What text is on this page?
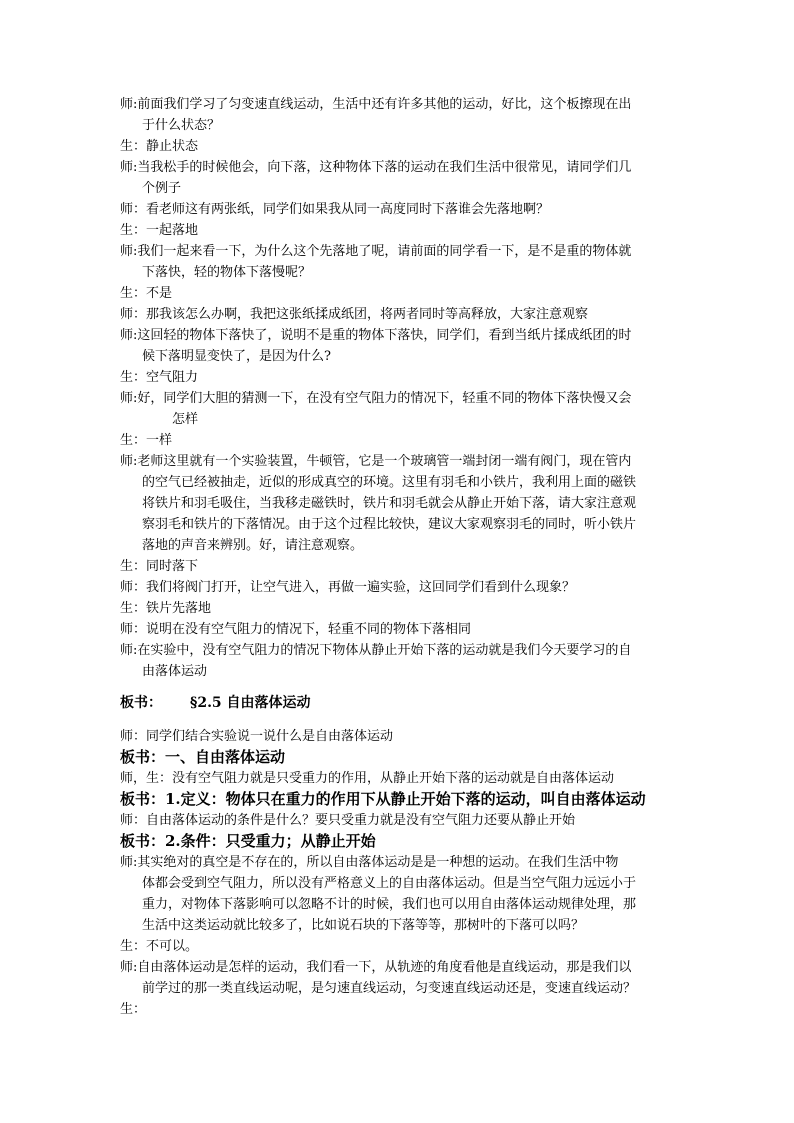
师: 前面我们学习了匀变速直线运动，生活中还有许多其他的运动，好比，这个板擦现在出
于什么状态？
生： 静止状态
师: 当我松手的时候他会，向下落，这种物体下落的运动在我们生活中很常见，请同学们几
个例子
师： 看老师这有两张纸，同学们如果我从同一高度同时下落谁会先落地啊？
生： 一起落地
师: 我们一起来看一下，为什么这个先落地了呢，请前面的同学看一下，是不是重的物体就
下落快，轻的物体下落慢呢？
生： 不是
师： 那我该怎么办啊，我把这张纸揉成纸团，将两者同时等高释放，大家注意观察
师: 这回轻的物体下落快了，说明不是重的物体下落快，同学们，看到当纸片揉成纸团的时
候下落明显变快了，是因为什么?
生： 空气阻力
师: 好，同学们大胆的猜测一下，在没有空气阻力的情况下，轻重不同的物体下落快慢又会
怎样
生： 一样
师: 老师这里就有一个实验装置，牛顿管，它是一个玻璃管一端封闭一端有阀门，现在管内
的空气已经被抽走，近似的形成真空的环境。这里有羽毛和小铁片，我利用上面的磁铁
将铁片和羽毛吸住，当我移走磁铁时，铁片和羽毛就会从静止开始下落，请大家注意观
察羽毛和铁片的下落情况。由于这个过程比较快，建议大家观察羽毛的同时，听小铁片
落地的声音来辨别。好，请注意观察。
生： 同时落下
师： 我们将阀门打开，让空气进入，再做一遍实验，这回同学们看到什么现象？
生： 铁片先落地
师： 说明在没有空气阻力的情况下，轻重不同的物体下落相同
师: 在实验中，没有空气阻力的情况下物体从静止开始下落的运动就是我们今天要学习的自
由落体运动
板书： §2.5 自由落体运动
师： 同学们结合实验说一说什么是自由落体运动
板书：一、自由落体运动
师，生： 没有空气阻力就是只受重力的作用，从静止开始下落的运动就是自由落体运动
板书：1.定义：物体只在重力的作用下从静止开始下落的运动，叫自由落体运动
师： 自由落体运动的条件是什么？要只受重力就是没有空气阻力还要从静止开始
板书：2.条件：只受重力；从静止开始
师: 其实绝对的真空是不存在的，所以自由落体运动是是一种想的运动。在我们生活中物
体都会受到空气阻力，所以没有严格意义上的自由落体运动。但是当空气阻力远远小于
重力，对物体下落影响可以忽略不计的时候，我们也可以用自由落体运动规律处理，那
生活中这类运动就比较多了，比如说石块的下落等等，那树叶的下落可以吗？
生： 不可以。
师: 自由落体运动是怎样的运动，我们看一下，从轨迹的角度看他是直线运动，那是我们以
前学过的那一类直线运动呢，是匀速直线运动，匀变速直线运动还是，变速直线运动？
生：
